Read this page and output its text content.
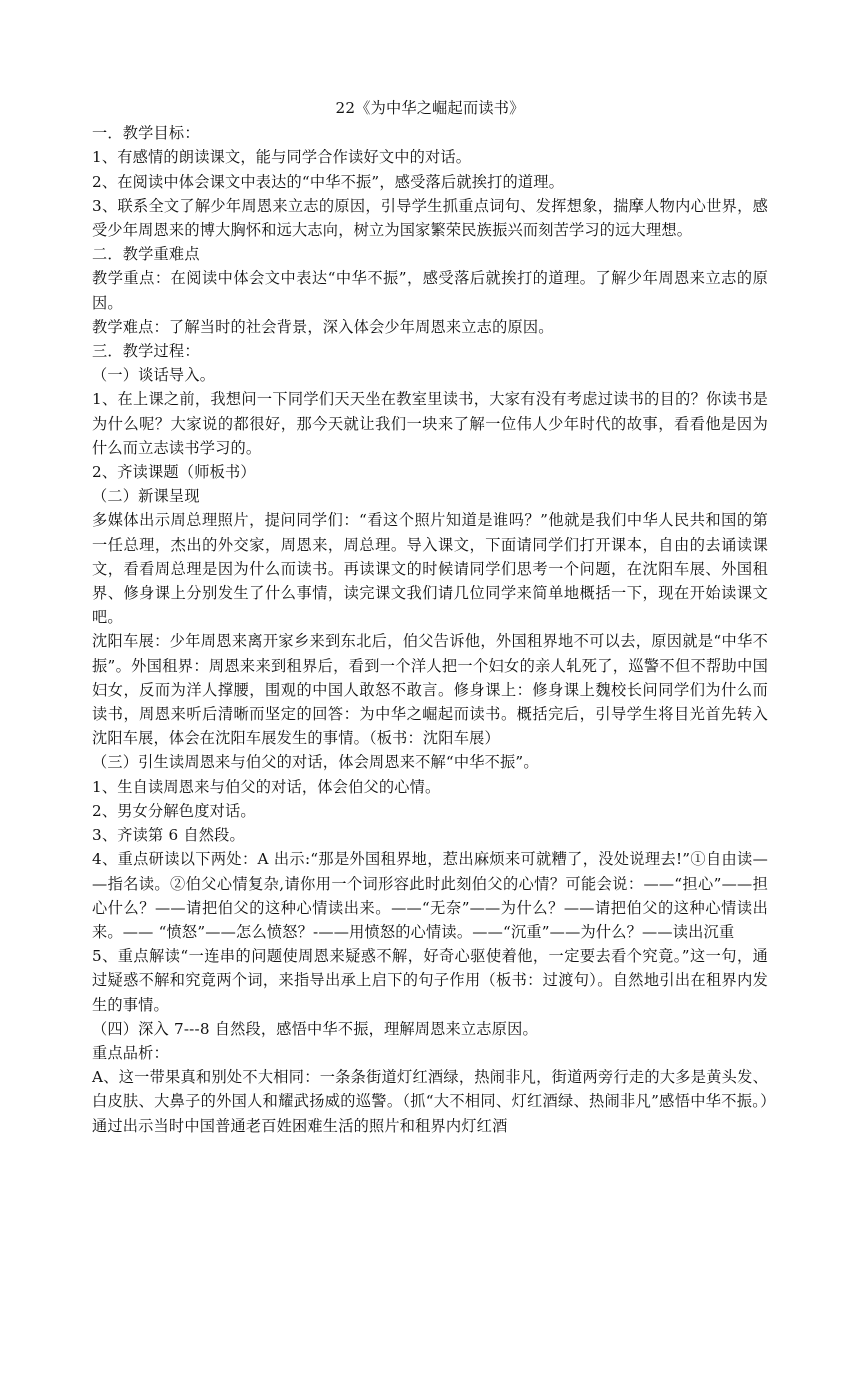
22《为中华之崛起而读书》

一．教学目标：

1、有感情的朗读课文，能与同学合作读好文中的对话。

2、在阅读中体会课文中表达的“中华不振”，感受落后就挨打的道理。

3、联系全文了解少年周恩来立志的原因，引导学生抓重点词句、发挥想象，揣摩人物内心世界，感受少年周恩来的博大胸怀和远大志向，树立为国家繁荣民族振兴而刻苦学习的远大理想。

二．教学重难点

教学重点：在阅读中体会文中表达“中华不振”，感受落后就挨打的道理。了解少年周恩来立志的原因。

教学难点：了解当时的社会背景，深入体会少年周恩来立志的原因。

三．教学过程：

（一）谈话导入。

1、在上课之前，我想问一下同学们天天坐在教室里读书，大家有没有考虑过读书的目的？你读书是为什么呢？大家说的都很好，那今天就让我们一块来了解一位伟人少年时代的故事，看看他是因为什么而立志读书学习的。

2、齐读课题（师板书）

（二）新课呈现

多媒体出示周总理照片，提问同学们：“看这个照片知道是谁吗？”他就是我们中华人民共和国的第一任总理，杰出的外交家，周恩来，周总理。导入课文，下面请同学们打开课本，自由的去诵读课文，看看周总理是因为什么而读书。再读课文的时候请同学们思考一个问题，在沈阳车展、外国租界、修身课上分别发生了什么事情，读完课文我们请几位同学来简单地概括一下，现在开始读课文吧。

沈阳车展：少年周恩来离开家乡来到东北后，伯父告诉他，外国租界地不可以去，原因就是“中华不振”。外国租界：周恩来来到租界后，看到一个洋人把一个妇女的亲人轧死了，巡警不但不帮助中国妇女，反而为洋人撑腰，围观的中国人敢怒不敢言。修身课上：修身课上魏校长问同学们为什么而读书，周恩来听后清晰而坚定的回答：为中华之崛起而读书。概括完后，引导学生将目光首先转入沈阳车展，体会在沈阳车展发生的事情。（板书：沈阳车展）

（三）引生读周恩来与伯父的对话，体会周恩来不解“中华不振”。

1、生自读周恩来与伯父的对话，体会伯父的心情。

2、男女分解色度对话。

3、齐读第 6 自然段。

4、重点研读以下两处：A 出示:“那是外国租界地，惹出麻烦来可就糟了，没处说理去!”①自由读——指名读。②伯父心情复杂,请你用一个词形容此时此刻伯父的心情？可能会说：——“担心”——担心什么？——请把伯父的这种心情读出来。——“无奈”——为什么？——请把伯父的这种心情读出来。—— “愤怒”——怎么愤怒？-——用愤怒的心情读。——“沉重”——为什么？——读出沉重

5、重点解读“一连串的问题使周恩来疑惑不解，好奇心驱使着他，一定要去看个究竟。”这一句，通过疑惑不解和究竟两个词，来指导出承上启下的句子作用（板书：过渡句）。自然地引出在租界内发生的事情。

（四）深入 7---8 自然段，感悟中华不振，理解周恩来立志原因。

重点品析：

A、这一带果真和别处不大相同：一条条街道灯红酒绿，热闹非凡，街道两旁行走的大多是黄头发、白皮肤、大鼻子的外国人和耀武扬威的巡警。（抓“大不相同、灯红酒绿、热闹非凡”感悟中华不振。）通过出示当时中国普通老百姓困难生活的照片和租界内灯红酒
